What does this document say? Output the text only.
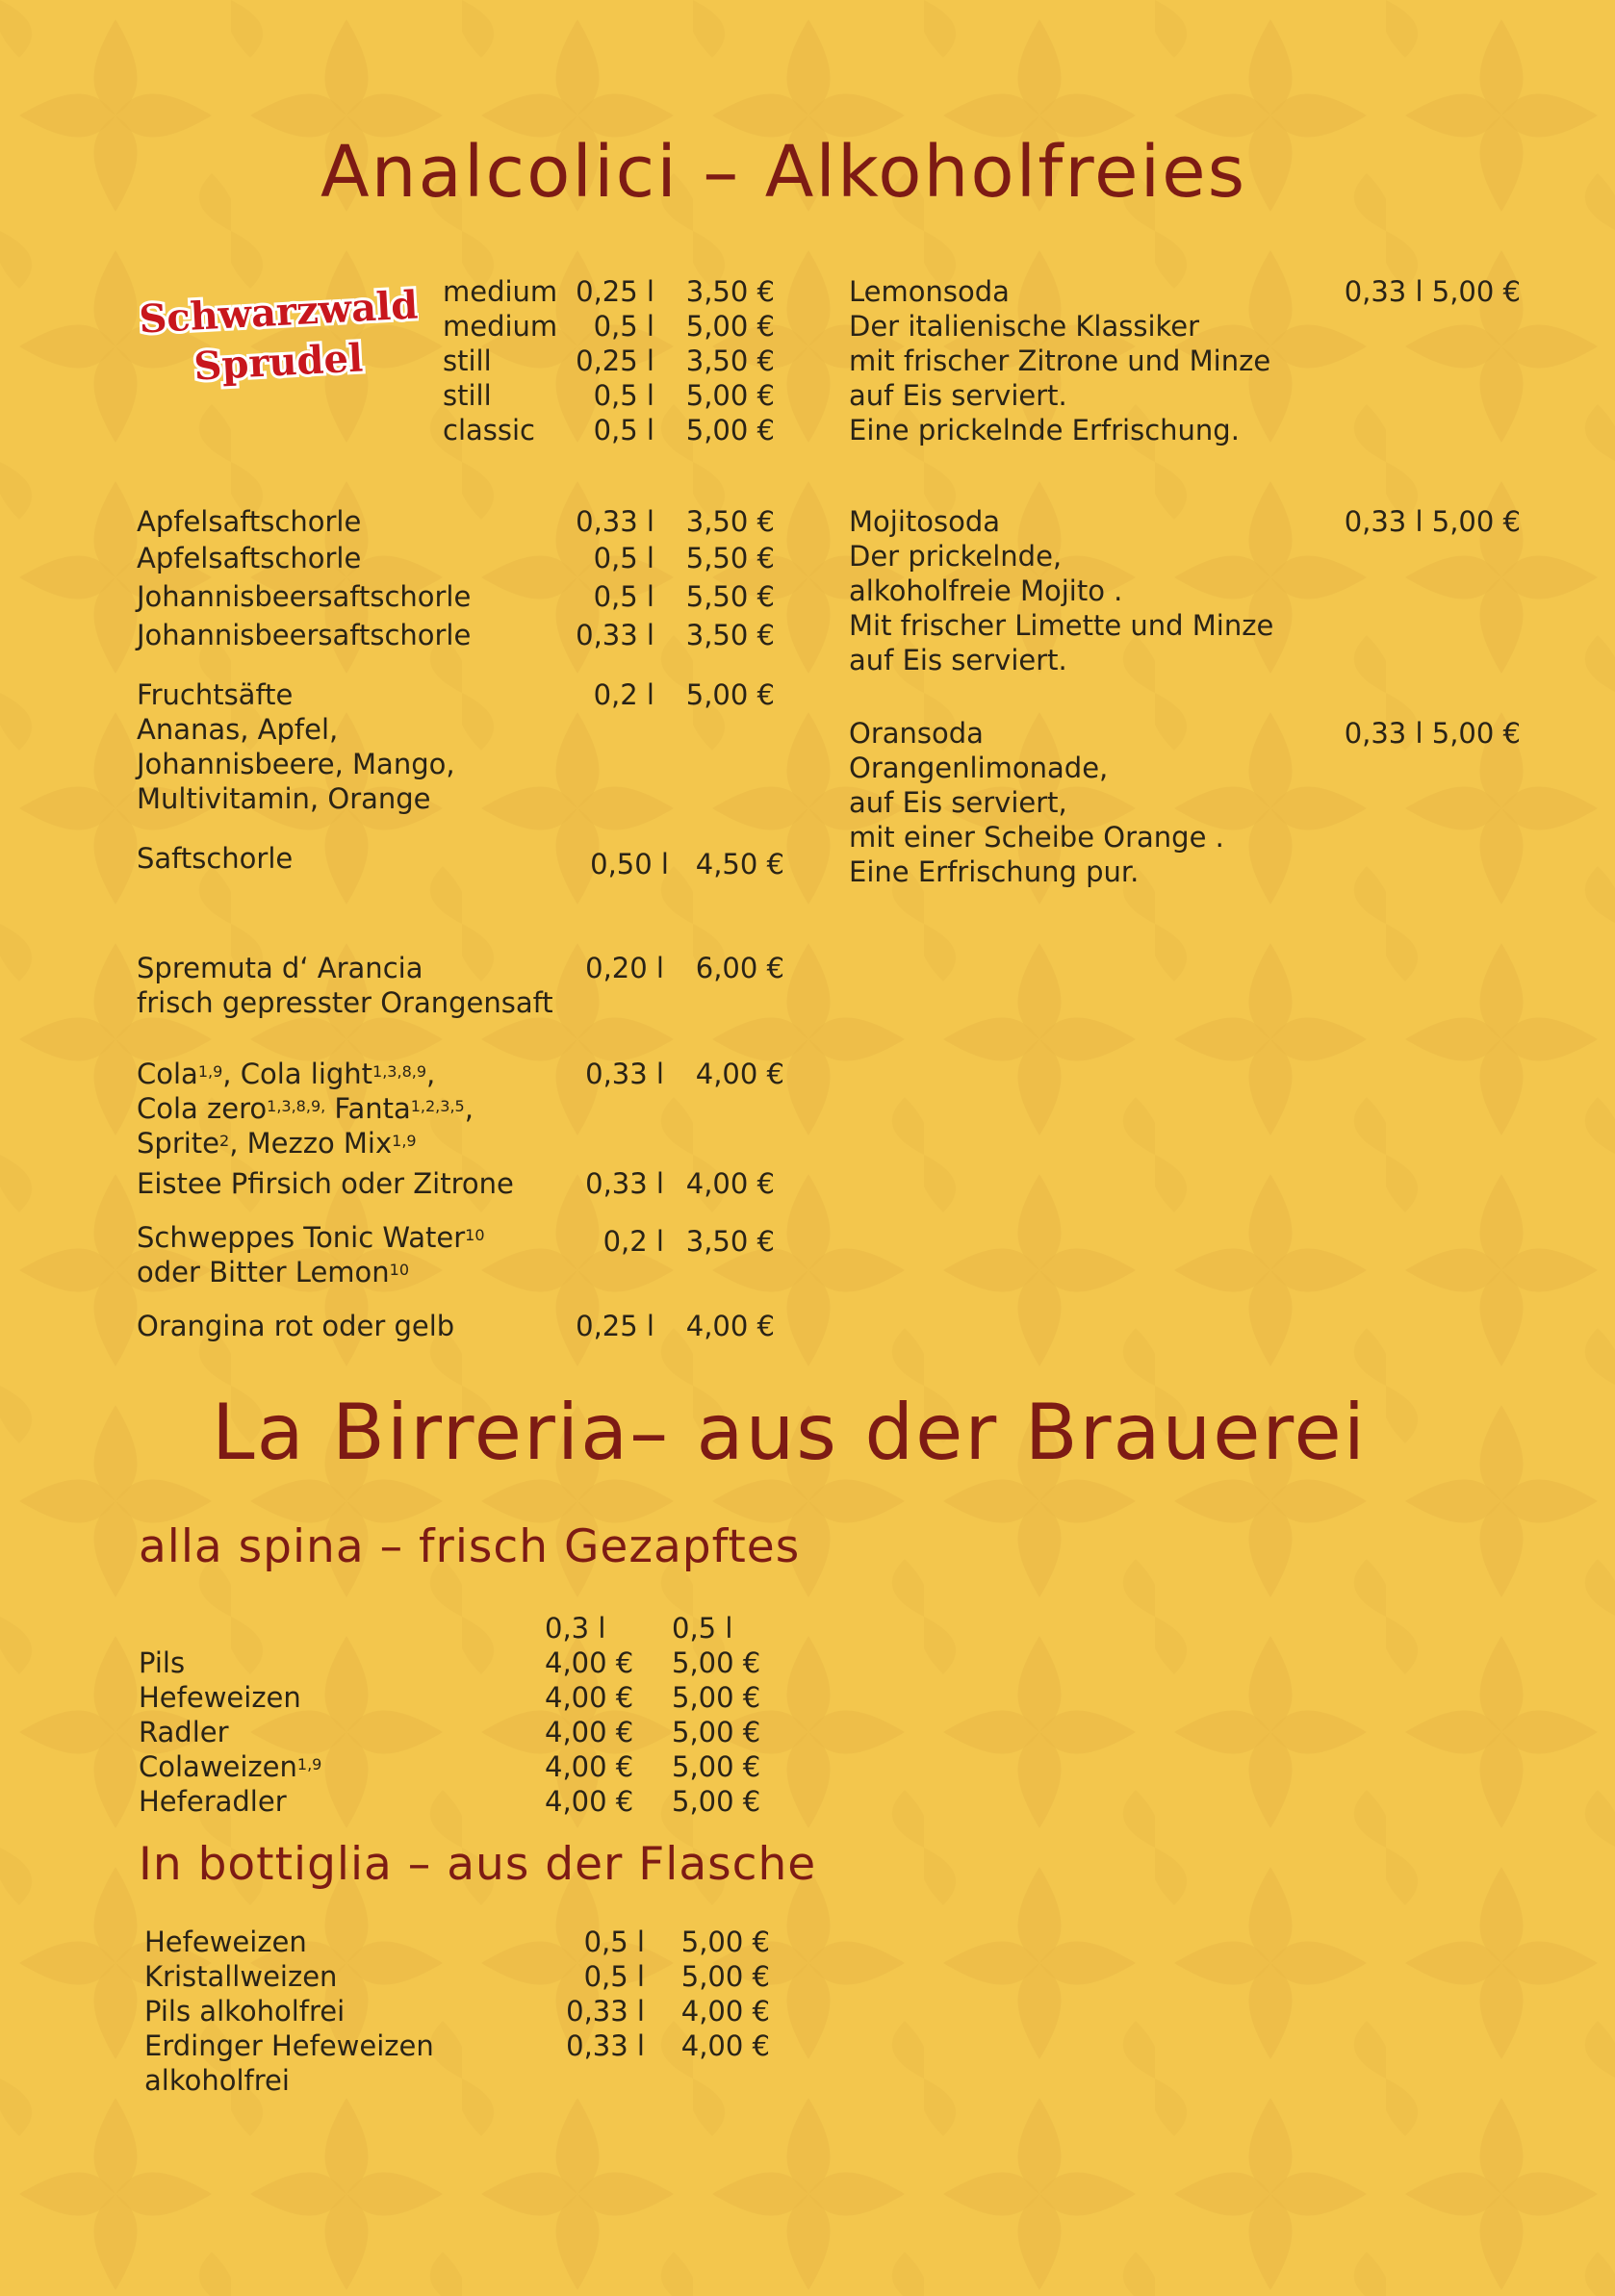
Analcolici – Alkoholfreies
Schwarzwald
Sprudel
medium 0,25 l	3,50 €
medium	0,5 l	5,00 €
still	0,25 l	3,50 €
still	0,5 l	5,00 €
classic	0,5 l	5,00 €
Apfelsaftschorle	0,33 l	3,50 €
Apfelsaftschorle	0,5 l	5,50 €
Johannisbeersaftschorle	0,5 l	5,50 €
Johannisbeersaftschorle	0,33 l	3,50 €
Fruchtsäfte
Ananas, Apfel,
Johannisbeere, Mango,
Multivitamin, Orange
0,2 l	5,00 €
Saftschorle	0,50 l 4,50 €
Spremuta d‘ Arancia
frisch gepresster Orangensaft
0,20 l	6,00 €
Cola$^{1,9}$, Cola light$^{1,3,8,9}$,
Cola zero$^{1,3,8,9,}$ Fanta$^{1,2,3,5}$,
Sprite$^2$, Mezzo Mix$^{1,9}$
0,33 l	4,00 €
Eistee Pfirsich oder Zitrone	0,33 l 4,00 €
Schweppes Tonic Water$^{10}$
oder Bitter Lemon$^{10}$
0,2 l 3,50 €
Orangina rot oder gelb	0,25 l	4,00 €
Lemonsoda
Der italienische Klassiker
mit frischer Zitrone und Minze
auf Eis serviert.
Eine prickelnde Erfrischung.
0,33 l 5,00 €
Mojitosoda
Der prickelnde,
alkoholfreie Mojito .
Mit frischer Limette und Minze
auf Eis serviert.
0,33 l 5,00 €
Oransoda
Orangenlimonade,
auf Eis serviert,
mit einer Scheibe Orange .
Eine Erfrischung pur.
0,33 l 5,00 €
La Birreria– aus der Brauerei
alla spina – frisch Gezapftes
0,3 l 0,5 l
Pils	4,00 € 5,00 €
Hefeweizen	4,00 € 5,00 €
Radler	4,00 € 5,00 €
Colaweizen$^{1,9}$	4,00 € 5,00 €
Heferadler	4,00 € 5,00 €
In bottiglia – aus der Flasche
Hefeweizen	0,5 l	5,00 €
Kristallweizen	0,5 l	5,00 €
Pils alkoholfrei	0,33 l	4,00 €
Erdinger Hefeweizen	0,33 l	4,00 €
alkoholfrei
